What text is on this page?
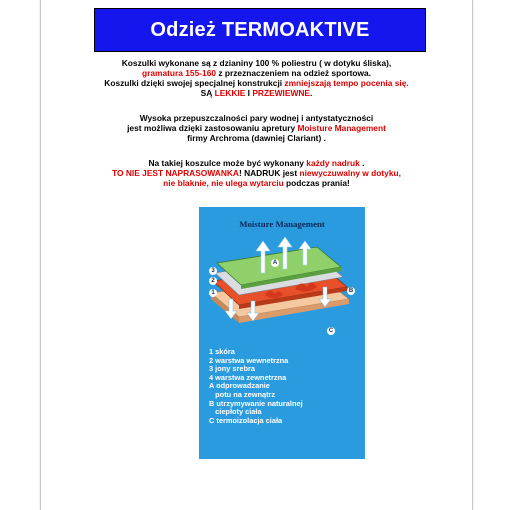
Odzież TERMOAKTIVE
Koszulki wykonane są z dzianiny 100 % poliestru ( w dotyku śliska),
gramatura 155-160 z przeznaczeniem na odzież sportowa.
Koszulki dzięki swojej specjalnej konstrukcji zmniejszają tempo pocenia się.
SĄ LEKKIE I PRZEWIEWNE.
Wysoka przepuszczalności pary wodnej i antystatyczności
jest możliwa dzięki zastosowaniu apretury Moisture Management
firmy Archroma (dawniej Clariant) .
Na takiej koszulce może być wykonany każdy nadruk .
TO NIE JEST NAPRASOWANKA! NADRUK jest niewyczuwalny w dotyku,
nie blaknie, nie ulega wytarciu podczas prania!
Moisture Management
3
2
1
A
B
C
1 skóra
2 warstwa wewnetrzna
3 jony srebra
4 warstwa zewnetrzna
A odprowadzanie
potu na zewnątrz
B utrzymywanie naturalnej
ciepłoty ciała
C termoizolacja ciała
